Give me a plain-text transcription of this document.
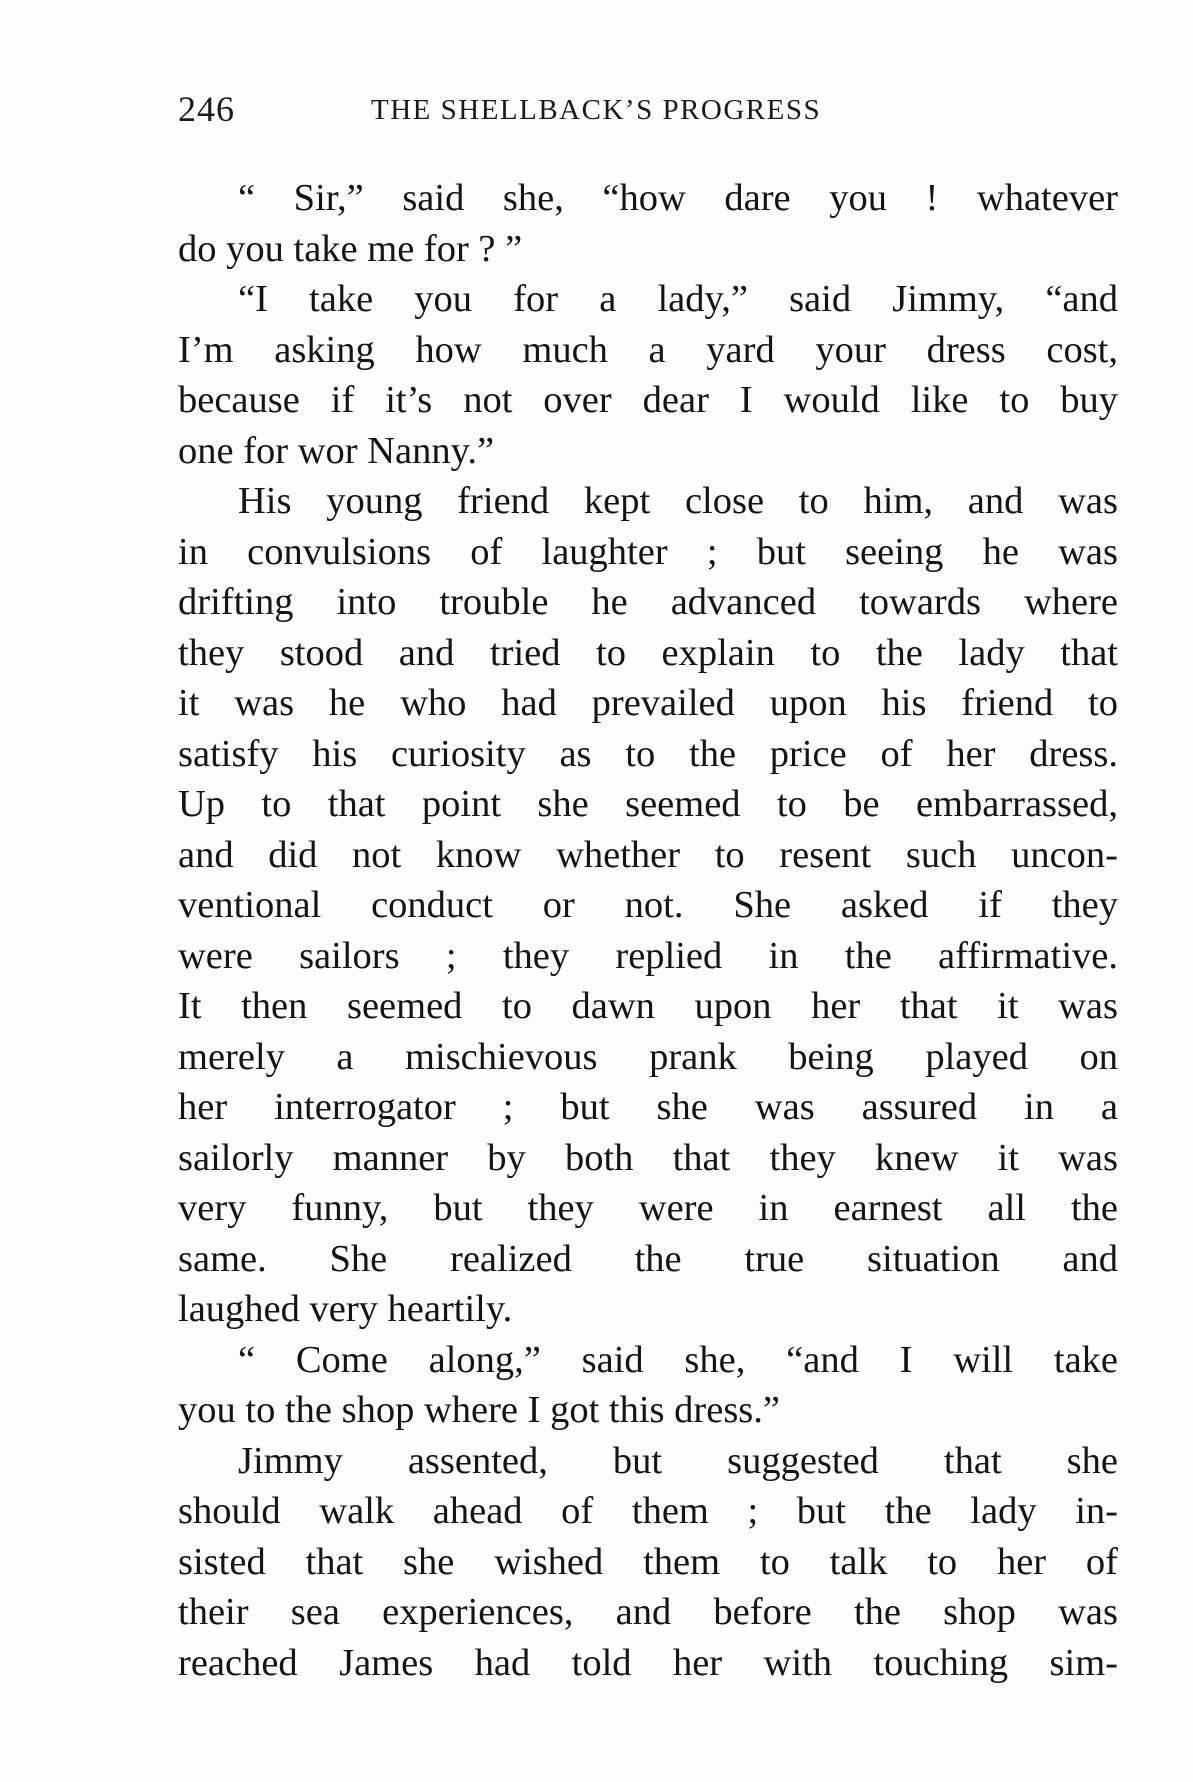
246	THE SHELLBACK’S PROGRESS
“ Sir,” said she, “how dare you ! whatever
do you take me for ? ”
“I take you for a lady,” said Jimmy, “and
I’m asking how much a yard your dress cost,
because if it’s not over dear I would like to buy
one for wor Nanny.”
His young friend kept close to him, and was
in convulsions of laughter ; but seeing he was
drifting into trouble he advanced towards where
they stood and tried to explain to the lady that
it was he who had prevailed upon his friend to
satisfy his curiosity as to the price of her dress.
Up to that point she seemed to be embarrassed,
and did not know whether to resent such uncon-
ventional conduct or not. She asked if they
were sailors ; they replied in the affirmative.
It then seemed to dawn upon her that it was
merely a mischievous prank being played on
her interrogator ; but she was assured in a
sailorly manner by both that they knew it was
very funny, but they were in earnest all the
same. She realized the true situation and
laughed very heartily.
“ Come along,” said she, “and I will take
you to the shop where I got this dress.”
Jimmy assented, but suggested that she
should walk ahead of them ; but the lady in-
sisted that she wished them to talk to her of
their sea experiences, and before the shop was
reached James had told her with touching sim-
